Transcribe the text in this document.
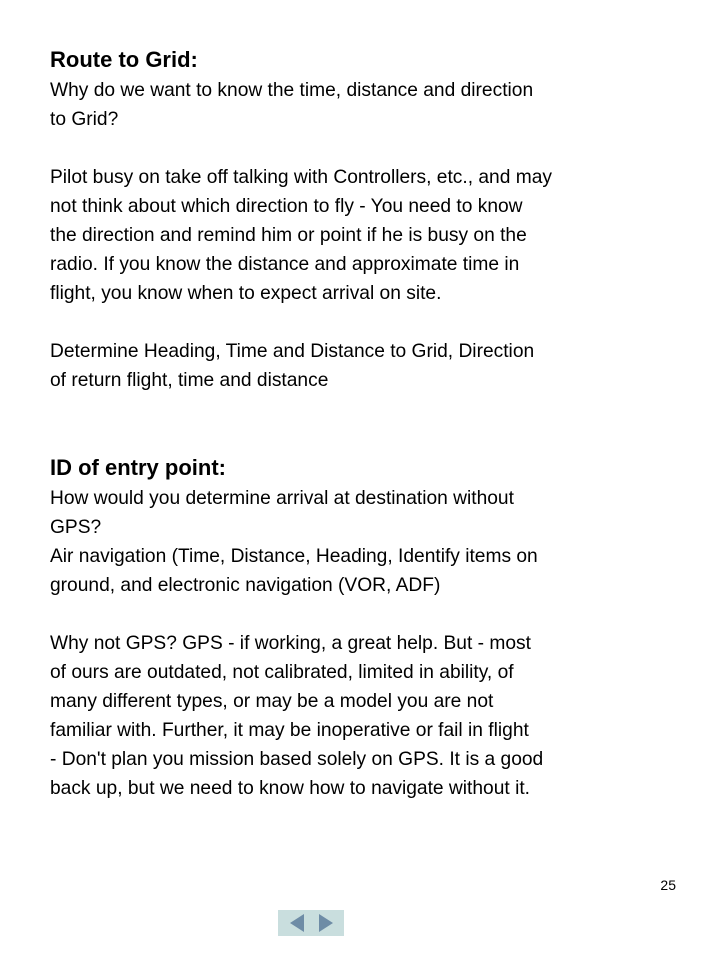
Route to Grid:

Why do we want to know the time, distance and direction
to Grid?

Pilot busy on take off talking with Controllers, etc., and may
not think about which direction to fly - You need to know
the direction and remind him or point if he is busy on the
radio. If you know the distance and approximate time in
flight, you know when to expect arrival on site.

Determine Heading, Time and Distance to Grid, Direction
of return flight, time and distance

ID of entry point:

How would you determine arrival at destination without
GPS?
Air navigation (Time, Distance, Heading, Identify items on
ground, and electronic navigation (VOR, ADF)

Why not GPS? GPS - if working, a great help. But - most
of ours are outdated, not calibrated, limited in ability, of
many different types, or may be a model you are not
familiar with. Further, it may be inoperative or fail in flight
- Don't plan you mission based solely on GPS. It is a good
back up, but we need to know how to navigate without it.

25
